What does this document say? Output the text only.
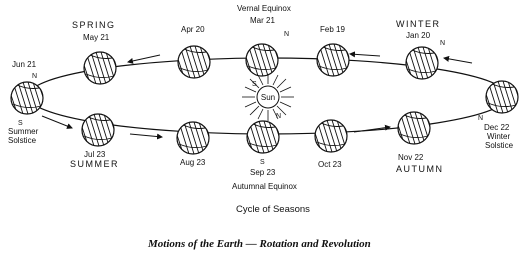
Sun
SPRING	WINTER
SUMMER	AUTUMN
May 21
Apr 20
Vernal Equinox
Mar 21
Feb 19
Jan 20
Jun 21
N
S
N
N
S
N
N
S
Summer
Solstice
Dec 22
Winter
Solstice
Jul 23
Aug 23
Sep 23
Autumnal Equinox
Oct 23
Nov 22
Cycle of Seasons
Motions of the Earth — Rotation and Revolution
